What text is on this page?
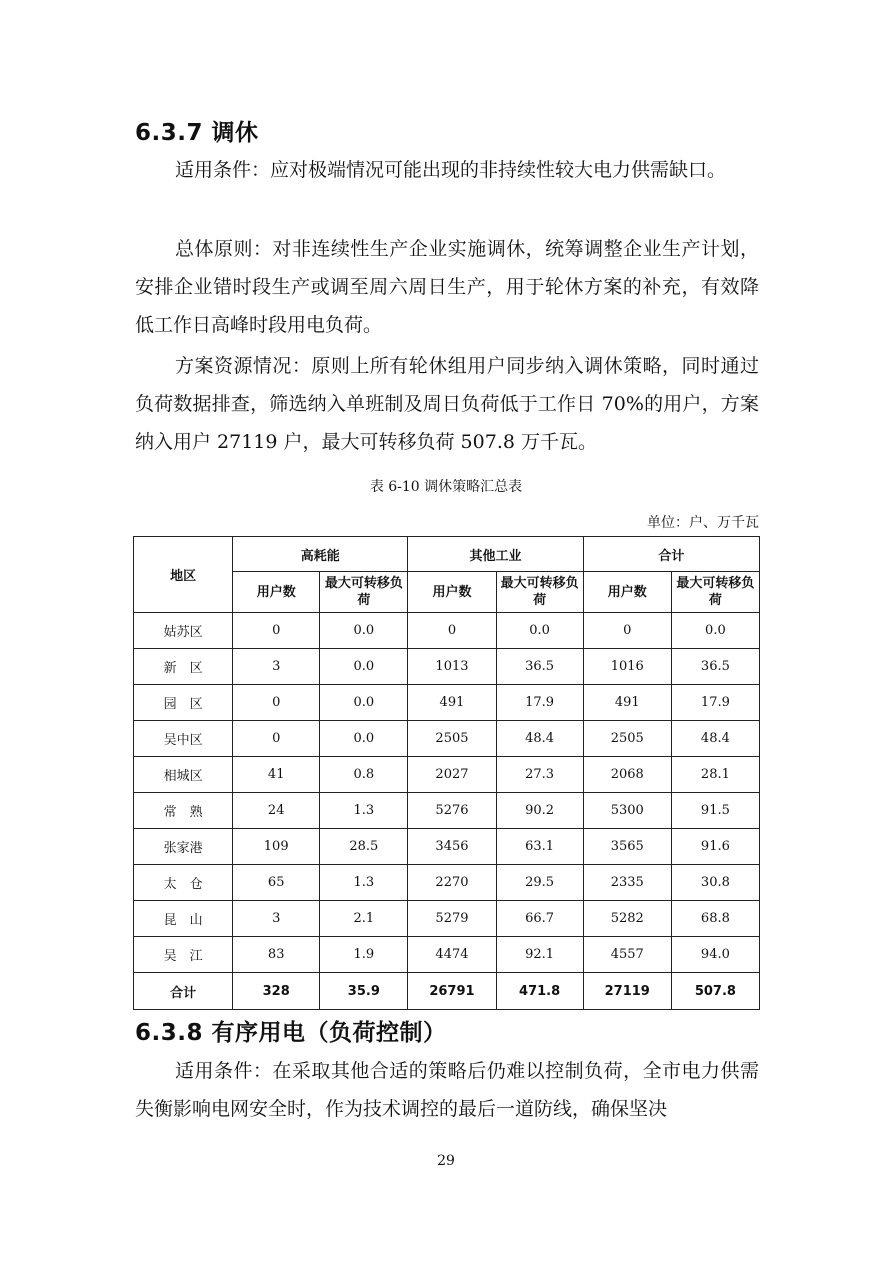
6.3.7 调休

适用条件：应对极端情况可能出现的非持续性较大电力供需缺口。

总体原则：对非连续性生产企业实施调休，统筹调整企业生产计划，安排企业错时段生产或调至周六周日生产，用于轮休方案的补充，有效降低工作日高峰时段用电负荷。

方案资源情况：原则上所有轮休组用户同步纳入调休策略，同时通过负荷数据排查，筛选纳入单班制及周日负荷低于工作日 70%的用户，方案纳入用户 27119 户，最大可转移负荷 507.8 万千瓦。

表 6-10 调休策略汇总表
单位：户、万千瓦
地区	高耗能		其他工业		合计	
	用户数	最大可转移负荷	用户数	最大可转移负荷	用户数	最大可转移负荷
姑苏区	0	0.0	0	0.0	0	0.0
新　区	3	0.0	1013	36.5	1016	36.5
园　区	0	0.0	491	17.9	491	17.9
吴中区	0	0.0	2505	48.4	2505	48.4
相城区	41	0.8	2027	27.3	2068	28.1
常　熟	24	1.3	5276	90.2	5300	91.5
张家港	109	28.5	3456	63.1	3565	91.6
太　仓	65	1.3	2270	29.5	2335	30.8
昆　山	3	2.1	5279	66.7	5282	68.8
吴　江	83	1.9	4474	92.1	4557	94.0
合计	328	35.9	26791	471.8	27119	507.8
6.3.8 有序用电（负荷控制）

适用条件：在采取其他合适的策略后仍难以控制负荷，全市电力供需失衡影响电网安全时，作为技术调控的最后一道防线，确保坚决

29
